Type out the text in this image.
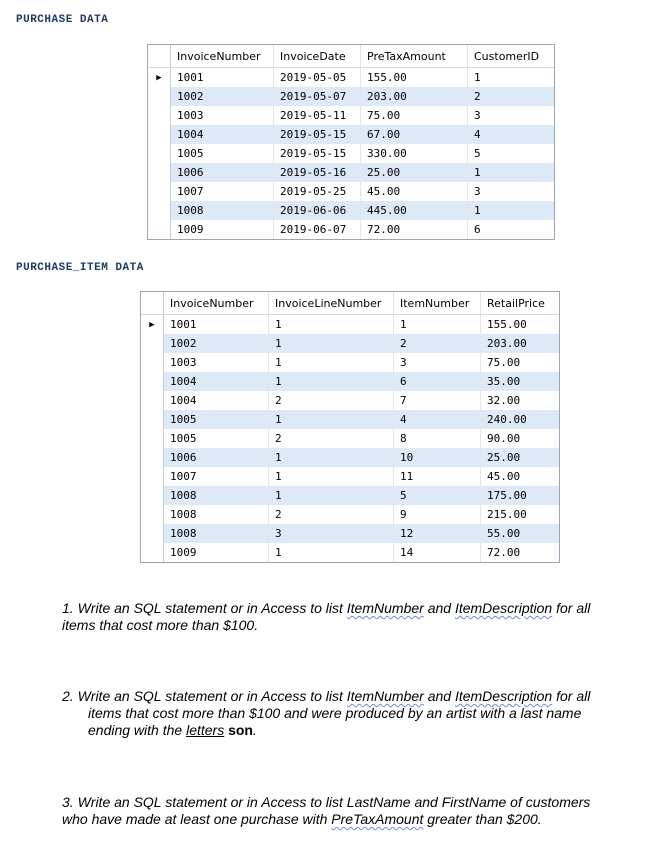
PURCHASE DATA
	InvoiceNumber	InvoiceDate	PreTaxAmount	CustomerID
▶	1001	2019-05-05	155.00	1
	1002	2019-05-07	203.00	2
	1003	2019-05-11	75.00	3
	1004	2019-05-15	67.00	4
	1005	2019-05-15	330.00	5
	1006	2019-05-16	25.00	1
	1007	2019-05-25	45.00	3
	1008	2019-06-06	445.00	1
	1009	2019-06-07	72.00	6
PURCHASE_ITEM DATA
	InvoiceNumber	InvoiceLineNumber	ItemNumber	RetailPrice
▶	1001	1	1	155.00
	1002	1	2	203.00
	1003	1	3	75.00
	1004	1	6	35.00
	1004	2	7	32.00
	1005	1	4	240.00
	1005	2	8	90.00
	1006	1	10	25.00
	1007	1	11	45.00
	1008	1	5	175.00
	1008	2	9	215.00
	1008	3	12	55.00
	1009	1	14	72.00

1. Write an SQL statement or in Access to list ItemNumber and ItemDescription for all
items that cost more than $100.

2. Write an SQL statement or in Access to list ItemNumber and ItemDescription for all
items that cost more than $100 and were produced by an artist with a last name
ending with the letters son.

3. Write an SQL statement or in Access to list LastName and FirstName of customers
who have made at least one purchase with PreTaxAmount greater than $200.
